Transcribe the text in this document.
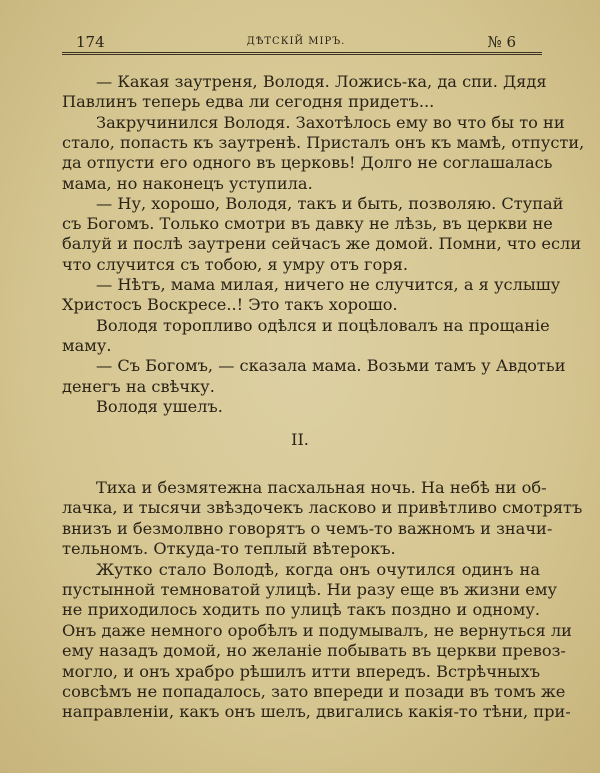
174	ДѢТСКІЙ МІРЪ.	№ 6
— Какая заутреня, Володя. Ложись-ка, да спи. Дядя
Павлинъ теперь едва ли сегодня придетъ...
Закручинился Володя. Захотѣлось ему во что бы то ни
стало, попасть къ заутренѣ. Присталъ онъ къ мамѣ, отпусти,
да отпусти его одного въ церковь! Долго не соглашалась
мама, но наконецъ уступила.
— Ну, хорошо, Володя, такъ и быть, позволяю. Ступай
съ Богомъ. Только смотри въ давку не лѣзь, въ церкви не
балуй и послѣ заутрени сейчасъ же домой. Помни, что если
что случится съ тобою, я умру отъ горя.
— Нѣтъ, мама милая, ничего не случится, а я услышу
Христосъ Воскресе..! Это такъ хорошо.
Володя торопливо одѣлся и поцѣловалъ на прощаніе
маму.
— Съ Богомъ, — сказала мама. Возьми тамъ у Авдотьи
денегъ на свѣчку.
Володя ушелъ.
II.
Тиха и безмятежна пасхальная ночь. На небѣ ни об-
лачка, и тысячи звѣздочекъ ласково и привѣтливо смотрятъ
внизъ и безмолвно говорятъ о чемъ-то важномъ и значи-
тельномъ. Откуда-то теплый вѣтерокъ.
Жутко стало Володѣ, когда онъ очутился одинъ на
пустынной темноватой улицѣ. Ни разу еще въ жизни ему
не приходилось ходить по улицѣ такъ поздно и одному.
Онъ даже немного оробѣлъ и подумывалъ, не вернуться ли
ему назадъ домой, но желаніе побывать въ церкви превоз-
могло, и онъ храбро рѣшилъ итти впередъ. Встрѣчныхъ
совсѣмъ не попадалось, зато впереди и позади въ томъ же
направленіи, какъ онъ шелъ, двигались какія-то тѣни, при-
